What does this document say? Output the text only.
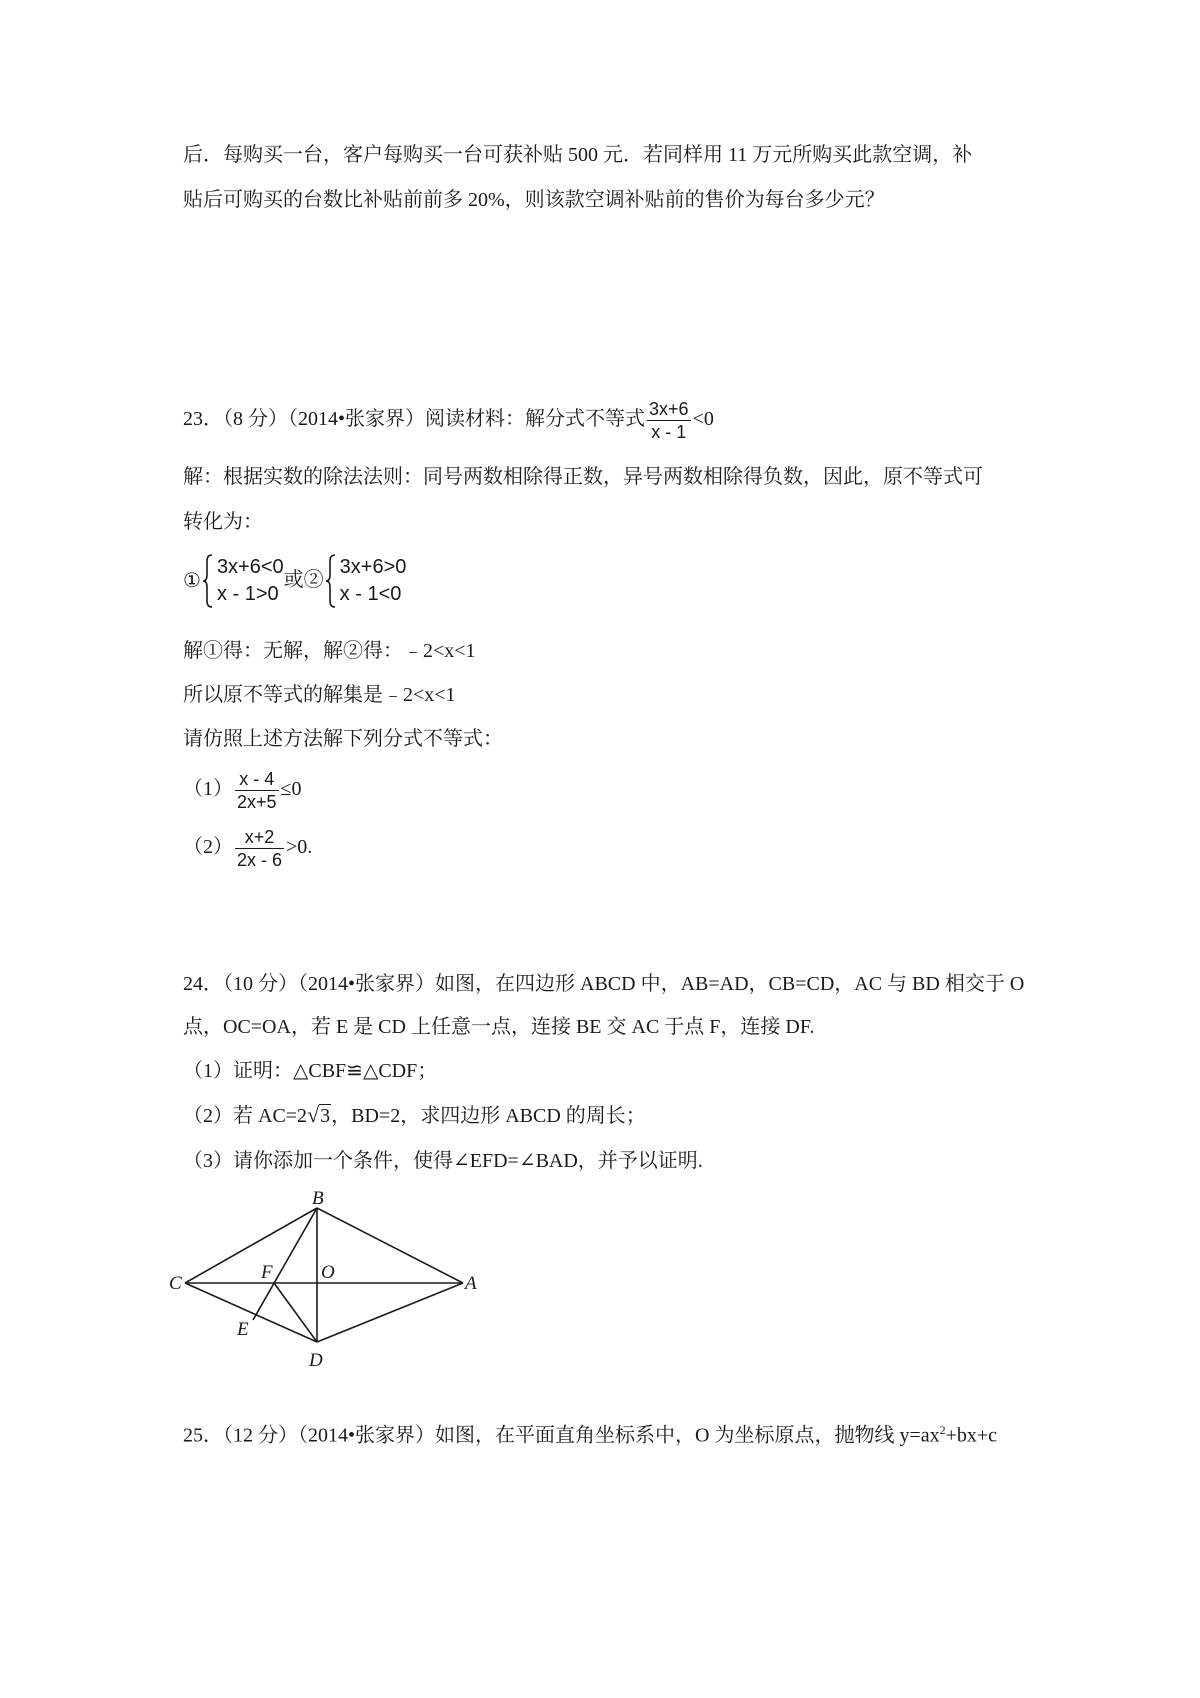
后．每购买一台，客户每购买一台可获补贴 500 元．若同样用 11 万元所购买此款空调，补
贴后可购买的台数比补贴前前多 20%，则该款空调补贴前的售价为每台多少元？
23．（8 分）（2014•张家界）阅读材料：解分式不等式 $\frac{3x+6}{x - 1} <0$
解：根据实数的除法法则：同号两数相除得正数，异号两数相除得负数，因此，原不等式可
转化为：
①
3x+6<0
x - 1>0
或②
3x+6>0
x - 1<0
解①得：无解，解②得：﹣2<x<1
所以原不等式的解集是﹣2<x<1
请仿照上述方法解下列分式不等式：
$(1) \frac{x - 4}{2x+5} \le 0$
$(2) \frac{x+2}{2x - 6} >0$.
24．（10 分）（2014•张家界）如图，在四边形 ABCD 中，AB=AD，CB=CD，AC 与 BD 相交于 O
点，OC=OA，若 E 是 CD 上任意一点，连接 BE 交 AC 于点 F，连接 DF.
（1）证明：△CBF≌△CDF；
（2）若 AC=2√3，BD=2，求四边形 ABCD 的周长；
（3）请你添加一个条件，使得∠EFD=∠BAD，并予以证明.
B
C
F	O
A
E
D
25．（12 分）（2014•张家界）如图，在平面直角坐标系中，O 为坐标原点，抛物线 $y=ax^2+bx+c$
